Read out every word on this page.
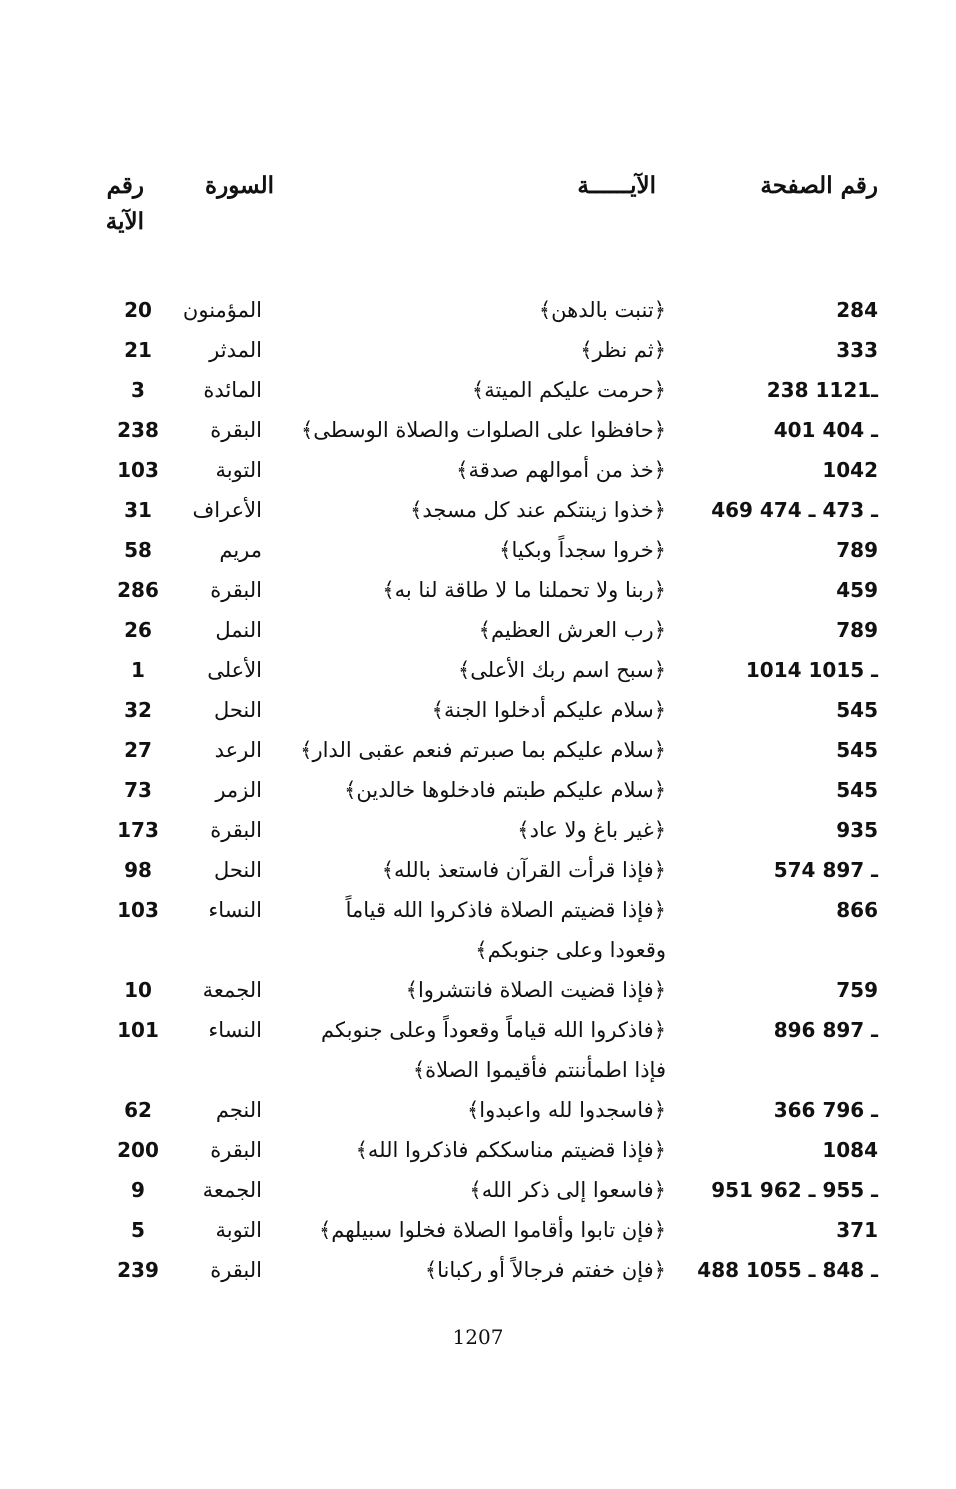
رقم الصفحة
الآيــــــة
السورة
رقم الآية
284
﴿تنبت بالدهن﴾
المؤمنون
20
333
﴿ثم نظر﴾
المدثر
21
238 ـ1121
﴿حرمت عليكم الميتة﴾
المائدة
3
401 ـ 404
﴿حافظوا على الصلوات والصلاة الوسطى﴾
البقرة
238
1042
﴿خذ من أموالهم صدقة﴾
التوبة
103
469 ـ 473 ـ 474
﴿خذوا زينتكم عند كل مسجد﴾
الأعراف
31
789
﴿خروا سجداً وبكيا﴾
مريم
58
459
﴿ربنا ولا تحملنا ما لا طاقة لنا به﴾
البقرة
286
789
﴿رب العرش العظيم﴾
النمل
26
1014 ـ 1015
﴿سبح اسم ربك الأعلى﴾
الأعلى
1
545
﴿سلام عليكم أدخلوا الجنة﴾
النحل
32
545
﴿سلام عليكم بما صبرتم فنعم عقبى الدار﴾
الرعد
27
545
﴿سلام عليكم طبتم فادخلوها خالدين﴾
الزمر
73
935
﴿غير باغ ولا عاد﴾
البقرة
173
574 ـ 897
﴿فإذا قرأت القرآن فاستعذ بالله﴾
النحل
98
866
﴿فإذا قضيتم الصلاة فاذكروا الله قياماً
وقعودا وعلى جنوبكم﴾
النساء
103
759
﴿فإذا قضيت الصلاة فانتشروا﴾
الجمعة
10
896 ـ 897
﴿فاذكروا الله قياماً وقعوداً وعلى جنوبكم
فإذا اطمأننتم فأقيموا الصلاة﴾
النساء
101
366 ـ 796
﴿فاسجدوا لله واعبدوا﴾
النجم
62
1084
﴿فإذا قضيتم مناسككم فاذكروا الله﴾
البقرة
200
951 ـ 955 ـ 962
﴿فاسعوا إلى ذكر الله﴾
الجمعة
9
371
﴿فإن تابوا وأقاموا الصلاة فخلوا سبيلهم﴾
التوبة
5
488 ـ 848 ـ 1055
﴿فإن خفتم فرجالاً أو ركبانا﴾
البقرة
239
1207
